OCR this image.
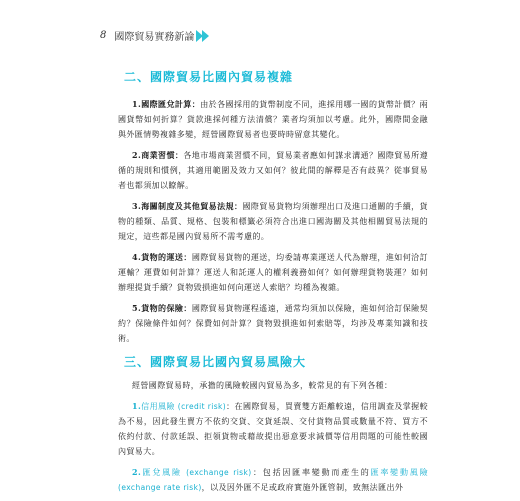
8 國際貿易實務新論
二、國際貿易比國內貿易複雜

1.國際匯兌計算：由於各國採用的貨幣制度不同，進採用哪一國的貨幣計價？兩國貨幣如何折算？貨款進採何種方法清償？業者均須加以考慮。此外，國際間金融與外匯情勢複雜多變，經營國際貿易者也要時時留意其變化。

2.商業習慣：各地市場商業習慣不同，貿易業者應如何謀求溝通？國際貿易所遵循的規則和慣例，其適用範圍及效力又如何？彼此間的解釋是否有歧異？從事貿易者也都須加以瞭解。

3.海關制度及其他貿易法規：國際貿易貨物均須辦理出口及進口通關的手續，貨物的種類、品質、規格、包裝和標籤必須符合出進口國海關及其他相關貿易法規的規定，這些都是國內貿易所不需考慮的。

4.貨物的運送：國際貿易貨物的運送，均委請專業運送人代為辦理，進如何洽訂運輸？運費如何計算？運送人和託運人的權利義務如何？如何辦理貨物裝運？如何辦理提貨手續？貨物毀損進如何向運送人索賠？均種為複雜。

5.貨物的保險：國際貿易貨物運程遙遠，通常均須加以保險，進如何洽訂保險契約？保險條件如何？保費如何計算？貨物毀損進如何索賠等，均涉及專業知識和技術。

三、國際貿易比國內貿易風險大

經營國際貿易時，承擔的風險較國內貿易為多，較常見的有下列各種：

1.信用風險 (credit risk)：在國際貿易，買賣雙方距離較遠，信用調查及掌握較為不易，因此發生賣方不依約交貨、交貨延誤、交付貨物品質或數量不符、買方不依約付款、付款延誤、拒領貨物或藉故提出惡意要求減價等信用問題的可能性較國內貿易大。

2.匯兌風險 (exchange risk)：包括因匯率變動而產生的匯率變動風險(exchange rate risk)，以及因外匯不足或政府實施外匯管制，致無法匯出外
